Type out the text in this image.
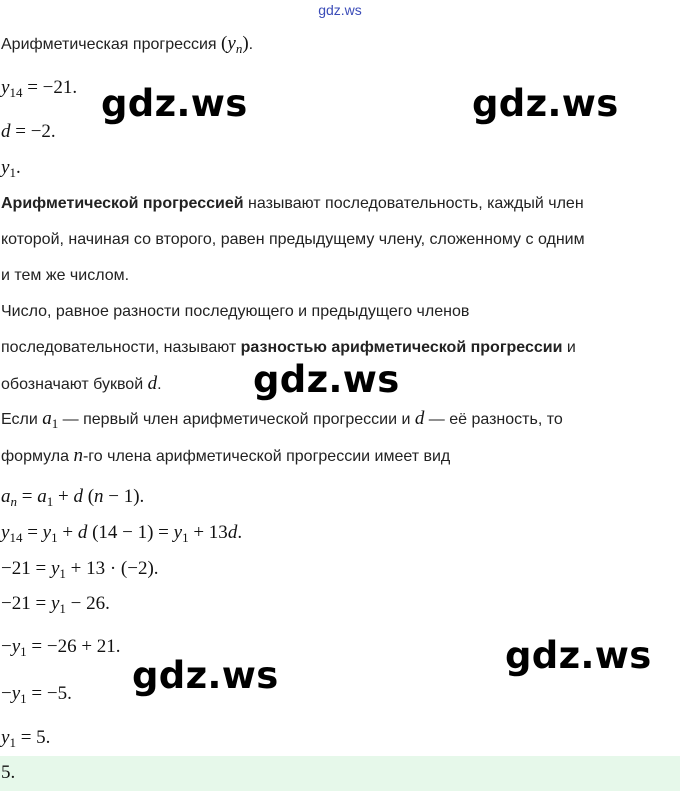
gdz.ws
Арифметическая прогрессия $(y_n)$.
$y_{14} = -21$.
d = −2.
$y_1$.
Арифметической прогрессией называют последовательность, каждый член
которой, начиная со второго, равен предыдущему члену, сложенному с одним
и тем же числом.
Число, равное разности последующего и предыдущего членов
последовательности, называют разностью арифметической прогрессии и
обозначают буквой d.
Если $a_1$ — первый член арифметической прогрессии и d — её разность, то
формула n-го члена арифметической прогрессии имеет вид
$a_n = a_1 + d$ (n − 1).
$y_{14} = y_1 + d$ $(14 - 1) = y_1 + 13d$.
$-21 = y_1 + 13 \cdot (-2)$.
$-21 = y_1 - 26$.
$-y_1 = -26 + 21$.
$-y_1 = -5$.
$y_1 = 5$.
5.
gdz.ws	gdz.ws
gdz.ws
gdz.ws
gdz.ws
